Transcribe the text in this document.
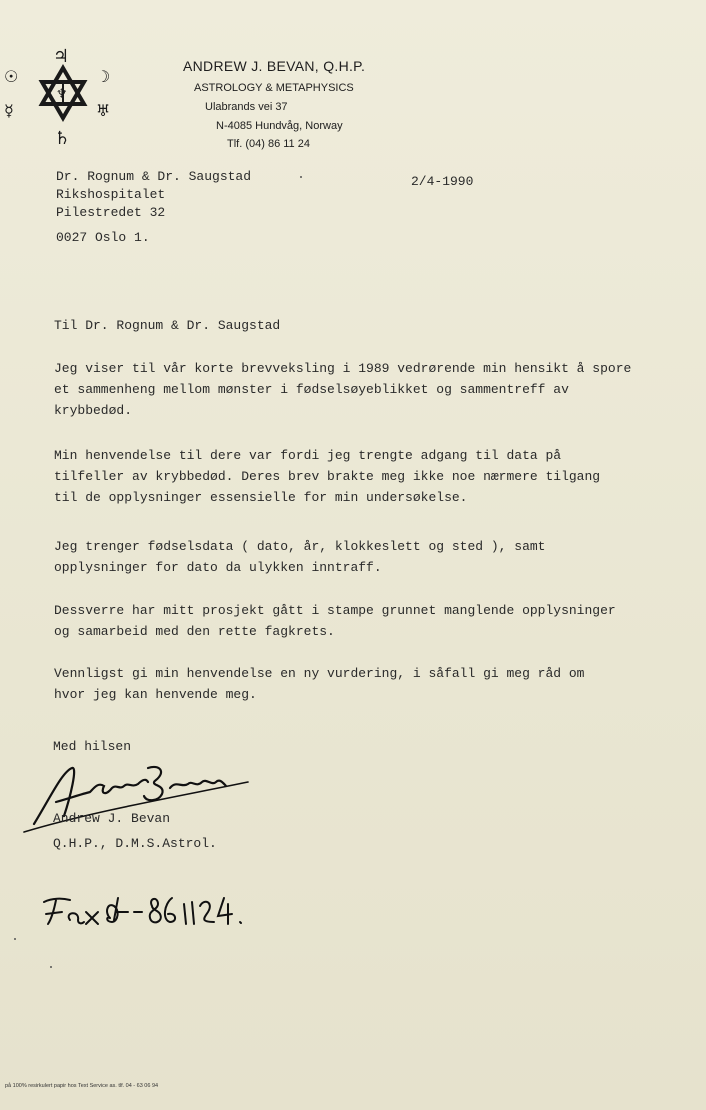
♃
☉	☽
☿	♅
♄
♆

ANDREW J. BEVAN, Q.H.P.

ASTROLOGY & METAPHYSICS
Ulabrands vei 37
N-4085 Hundvåg, Norway
Tlf. (04) 86 11 24
Dr. Rognum & Dr. Saugstad
Rikshospitalet
Pilestredet 32
0027 Oslo 1.
2/4-1990
Til Dr. Rognum & Dr. Saugstad
Jeg viser til vår korte brevveksling i 1989 vedrørende min hensikt å spore
et sammenheng mellom mønster i fødselsøyeblikket og sammentreff av
krybbedød.
Min henvendelse til dere var fordi jeg trengte adgang til data på
tilfeller av krybbedød. Deres brev brakte meg ikke noe nærmere tilgang
til de opplysninger essensielle for min undersøkelse.
Jeg trenger fødselsdata ( dato, år, klokkeslett og sted ), samt
opplysninger for dato da ulykken inntraff.
Dessverre har mitt prosjekt gått i stampe grunnet manglende opplysninger
og samarbeid med den rette fagkrets.
Vennligst gi min henvendelse en ny vurdering, i såfall gi meg råd om
hvor jeg kan henvende meg.
Med hilsen
Andrew J. Bevan
Q.H.P., D.M.S.Astrol.
på 100% resirkulert papir hos Text Service as. tlf. 04 - 63 06 94
